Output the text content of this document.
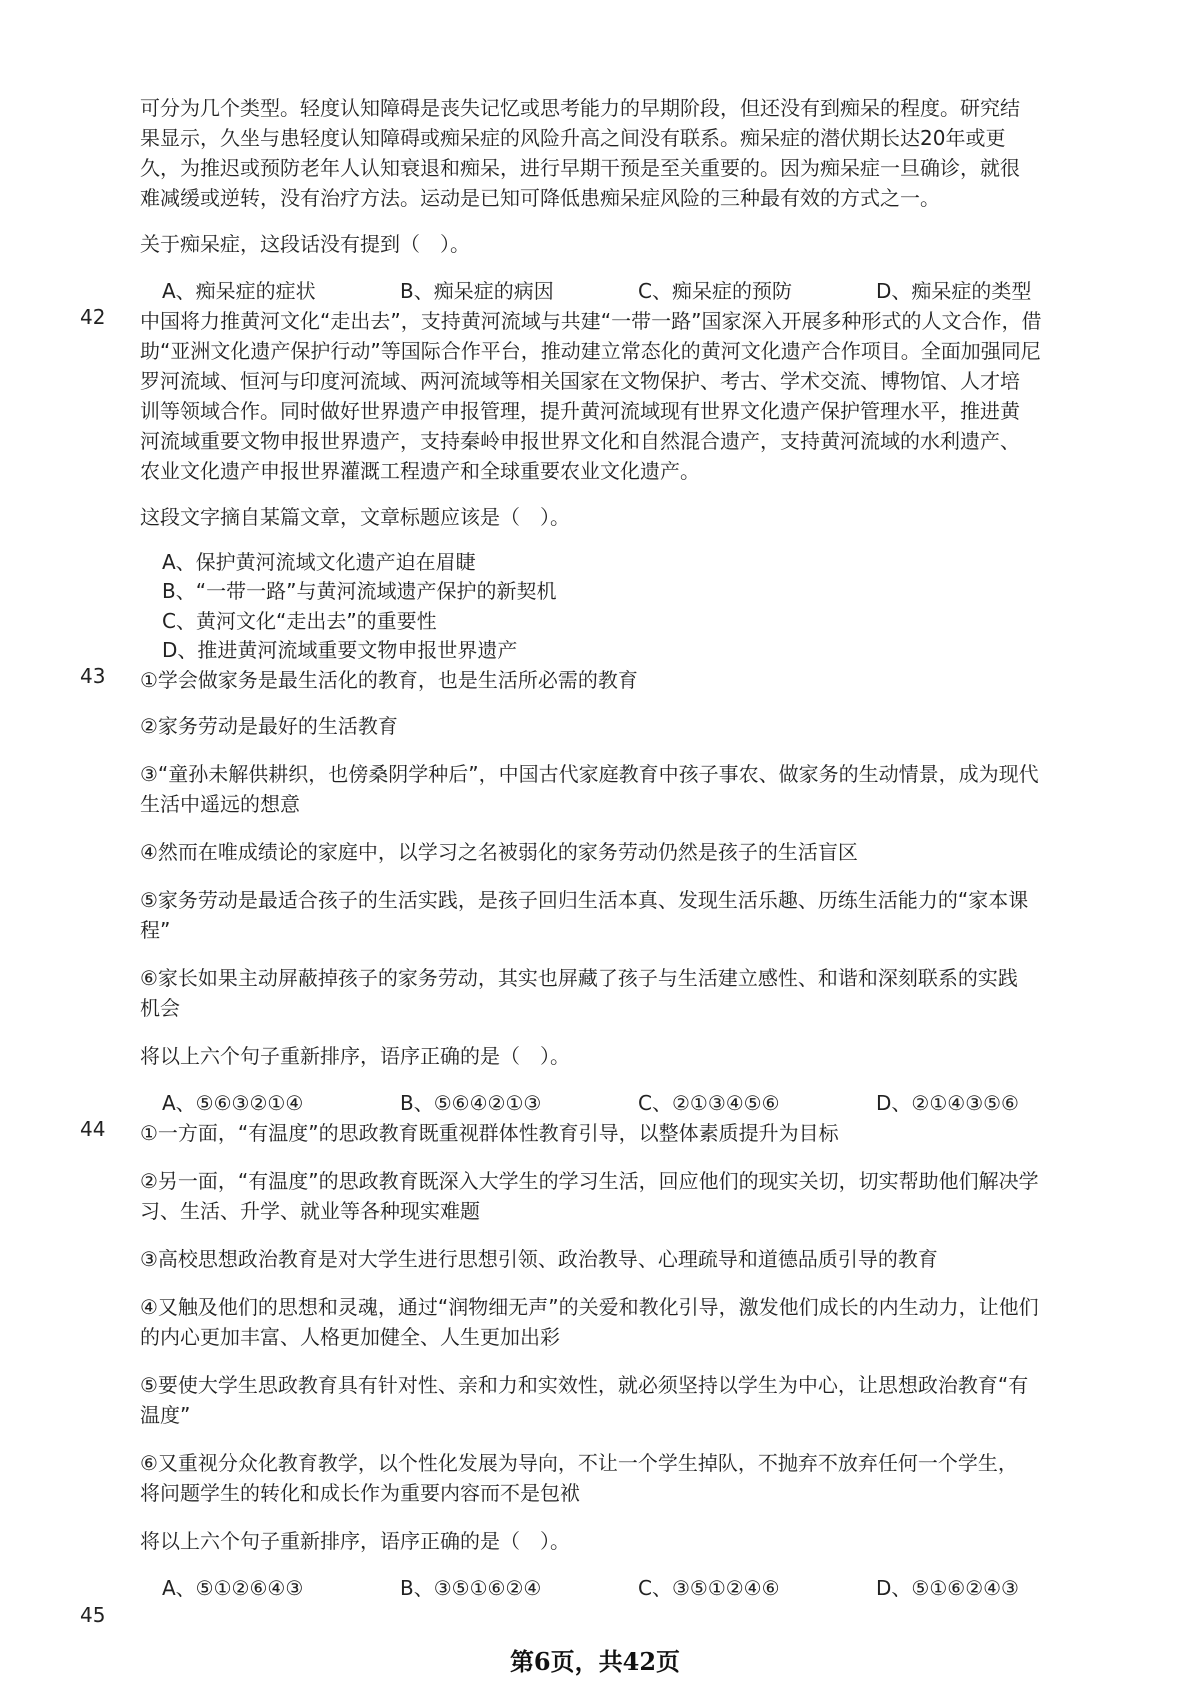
可分为几个类型。轻度认知障碍是丧失记忆或思考能力的早期阶段，但还没有到痴呆的程度。研究结
果显示，久坐与患轻度认知障碍或痴呆症的风险升高之间没有联系。痴呆症的潜伏期长达20年或更
久，为推迟或预防老年人认知衰退和痴呆，进行早期干预是至关重要的。因为痴呆症一旦确诊，就很
难减缓或逆转，没有治疗方法。运动是已知可降低患痴呆症风险的三种最有效的方式之一。
关于痴呆症，这段话没有提到（　）。
A、痴呆症的症状	B、痴呆症的病因	C、痴呆症的预防	D、痴呆症的类型
42	中国将力推黄河文化“走出去”，支持黄河流域与共建“一带一路”国家深入开展多种形式的人文合作，借
助“亚洲文化遗产保护行动”等国际合作平台，推动建立常态化的黄河文化遗产合作项目。全面加强同尼
罗河流域、恒河与印度河流域、两河流域等相关国家在文物保护、考古、学术交流、博物馆、人才培
训等领域合作。同时做好世界遗产申报管理，提升黄河流域现有世界文化遗产保护管理水平，推进黄
河流域重要文物申报世界遗产，支持秦岭申报世界文化和自然混合遗产，支持黄河流域的水利遗产、
农业文化遗产申报世界灌溉工程遗产和全球重要农业文化遗产。
这段文字摘自某篇文章，文章标题应该是（　）。
A、保护黄河流域文化遗产迫在眉睫
B、“一带一路”与黄河流域遗产保护的新契机
C、黄河文化“走出去”的重要性
D、推进黄河流域重要文物申报世界遗产
43	①学会做家务是最生活化的教育，也是生活所必需的教育
②家务劳动是最好的生活教育
③“童孙未解供耕织，也傍桑阴学种后”，中国古代家庭教育中孩子事农、做家务的生动情景，成为现代
生活中遥远的想意
④然而在唯成绩论的家庭中，以学习之名被弱化的家务劳动仍然是孩子的生活盲区
⑤家务劳动是最适合孩子的生活实践，是孩子回归生活本真、发现生活乐趣、历练生活能力的“家本课
程”
⑥家长如果主动屏蔽掉孩子的家务劳动，其实也屏藏了孩子与生活建立感性、和谐和深刻联系的实践
机会
将以上六个句子重新排序，语序正确的是（　）。
A、⑤⑥③②①④	B、⑤⑥④②①③	C、②①③④⑤⑥	D、②①④③⑤⑥
44	①一方面，“有温度”的思政教育既重视群体性教育引导，以整体素质提升为目标
②另一面，“有温度”的思政教育既深入大学生的学习生活，回应他们的现实关切，切实帮助他们解决学
习、生活、升学、就业等各种现实难题
③高校思想政治教育是对大学生进行思想引领、政治教导、心理疏导和道德品质引导的教育
④又触及他们的思想和灵魂，通过“润物细无声”的关爱和教化引导，激发他们成长的内生动力，让他们
的内心更加丰富、人格更加健全、人生更加出彩
⑤要使大学生思政教育具有针对性、亲和力和实效性，就必须坚持以学生为中心，让思想政治教育“有
温度”
⑥又重视分众化教育教学，以个性化发展为导向，不让一个学生掉队，不抛弃不放弃任何一个学生，
将问题学生的转化和成长作为重要内容而不是包袱
将以上六个句子重新排序，语序正确的是（　）。
A、⑤①②⑥④③	B、③⑤①⑥②④	C、③⑤①②④⑥	D、⑤①⑥②④③
45
第6页，共42页
